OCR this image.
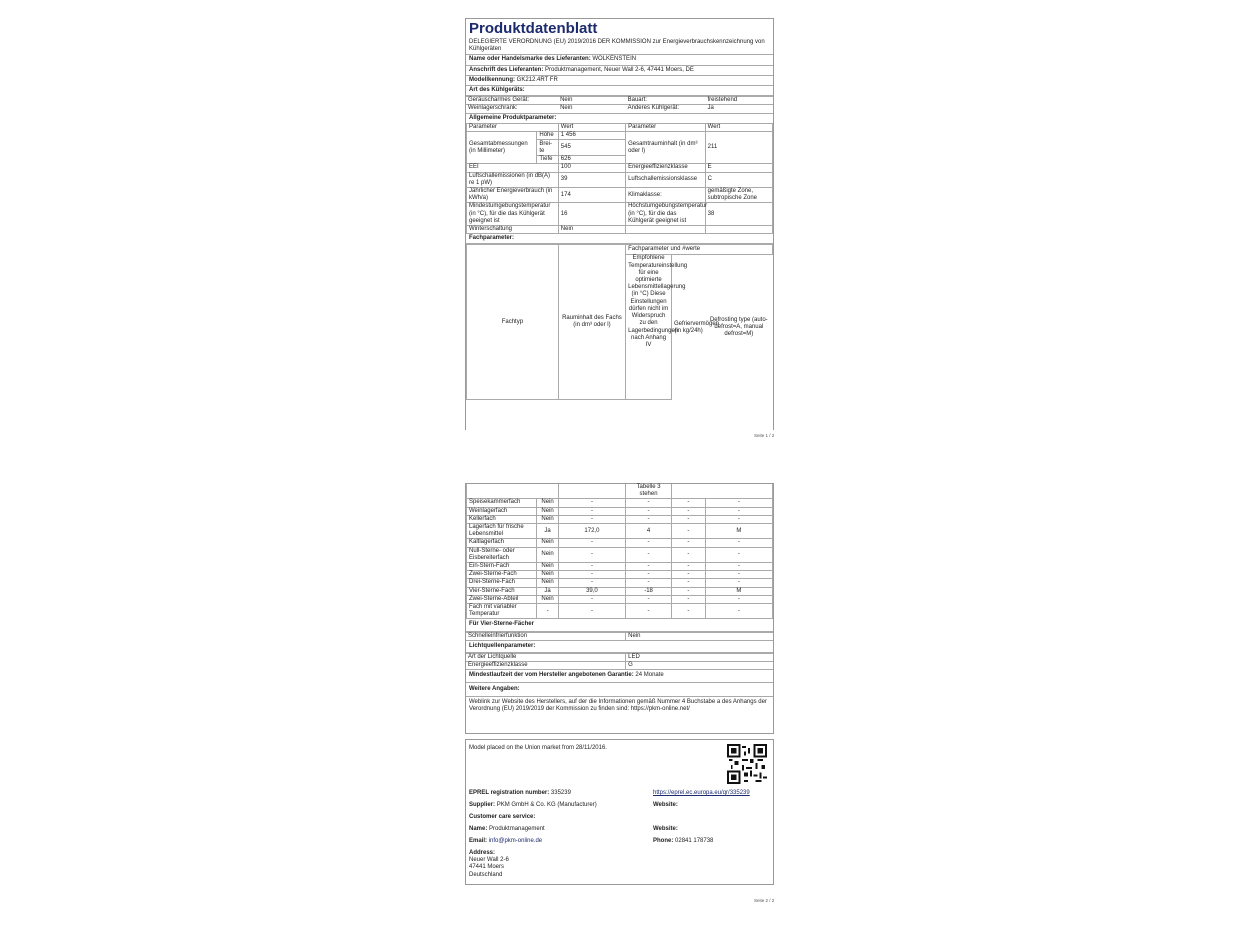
Produktdatenblatt
DELEGIERTE VERORDNUNG (EU) 2019/2016 DER KOMMISSION zur Energieverbrauchskennzeichnung von Kühlgeräten
Name oder Handelsmarke des Lieferanten: WOLKENSTEIN
Anschrift des Lieferanten: Produktmanagement, Neuer Wall 2-6, 47441 Moers, DE
Modellkennung: GK212.4RT FR
Art des Kühlgeräts:
Geräuscharmes Gerät:	Nein	Bauart:	freistehend
Weinlagerschrank:	Nein	Anderes Kühlgerät:	Ja
Allgemeine Produktparameter:
Parameter		Wert	Parameter	Wert
Gesamtabmessungen (in Millimeter)	Höhe	1 456	Gesamtrauminhalt (in dm³ oder l)	211
	Brei-te	545		
	Tiefe	626		
EEI		100	Energieeffizienzklasse	E
Luftschallemissionen (in dB(A) re 1 pW)		39	Luftschallemissionsklasse	C
Jährlicher Energieverbrauch (in kWh/a)		174	Klimaklasse:	gemäßigte Zone, subtropische Zone
Mindestumgebungstemperatur (in °C), für die das Kühlgerät geeignet ist		16	Höchstumgebungstemperatur (in °C), für die das Kühlgerät geeignet ist	38
Winterschaltung		Nein		
Fachparameter:
Fachtyp	Rauminhalt des Fachs (in dm³ oder l)	Fachparameter und #werte		
		Empfohlene Temperatureinstellung für eine optimierte Lebensmittellagerung (in °C) Diese Einstellungen dürfen nicht im Widerspruch zu den Lagerbedingungen nach Anhang IV	Gefriervermögen (in kg/24h)	Defrosting type (auto-defrost=A, manual defrost=M)
Seite 1 / 2
			Tabelle 3 stehen		
Speisekammerfach	Nein	-	-	-	-
Weinlagerfach	Nein	-	-	-	-
Kellerfach	Nein	-	-	-	-
Lagerfach für frische Lebensmittel	Ja	172,0	4	-	M
Kaltlagerfach	Nein	-	-	-	-
Null-Sterne- oder Eisbereiterfach	Nein	-	-	-	-
Ein-Stern-Fach	Nein	-	-	-	-
Zwei-Sterne-Fach	Nein	-	-	-	-
Drei-Sterne-Fach	Nein	-	-	-	-
Vier-Sterne-Fach	Ja	39,0	-18	-	M
Zwei-Sterne-Abteil	Nein	-	-	-	-
Fach mit variabler Temperatur	-	-	-	-	-
Für Vier-Sterne-Fächer
Schnelleinfrierfunktion	Nein
Lichtquellenparameter:
Art der Lichtquelle	LED
Energieeffizienzklasse	G
Mindestlaufzeit der vom Hersteller angebotenen Garantie: 24 Monate
Weitere Angaben:
Weblink zur Website des Herstellers, auf der die Informationen gemäß Nummer 4 Buchstabe a des Anhangs der Verordnung (EU) 2019/2019 der Kommission zu finden sind: https://pkm-online.net/
Model placed on the Union market from 28/11/2016.
EPREL registration number: 335239	https://eprel.ec.europa.eu/qr/335239
Supplier: PKM GmbH & Co. KG (Manufacturer)	Website:
Customer care service:
Name: Produktmanagement	Website:
Email: info@pkm-online.de	Phone: 02841 178738
Address:
Neuer Wall 2-6
47441 Moers
Deutschland
Seite 2 / 2
